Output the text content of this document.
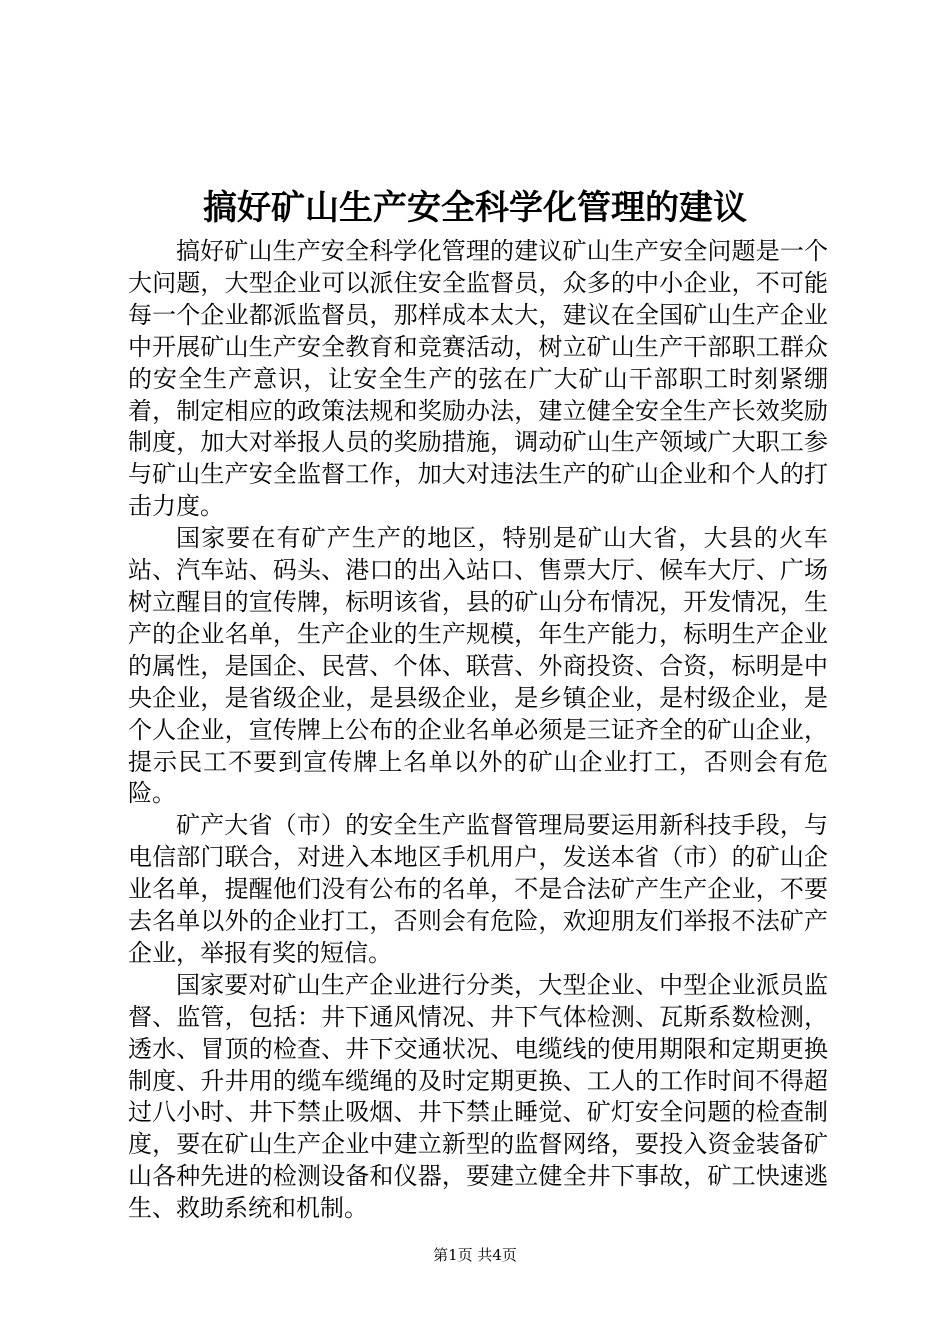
搞好矿山生产安全科学化管理的建议

搞好矿山生产安全科学化管理的建议矿山生产安全问题是一个大问题，大型企业可以派住安全监督员，众多的中小企业，不可能每一个企业都派监督员，那样成本太大，建议在全国矿山生产企业中开展矿山生产安全教育和竞赛活动，树立矿山生产干部职工群众的安全生产意识，让安全生产的弦在广大矿山干部职工时刻紧绷着，制定相应的政策法规和奖励办法，建立健全安全生产长效奖励制度，加大对举报人员的奖励措施，调动矿山生产领域广大职工参与矿山生产安全监督工作，加大对违法生产的矿山企业和个人的打击力度。

国家要在有矿产生产的地区，特别是矿山大省，大县的火车站、汽车站、码头、港口的出入站口、售票大厅、候车大厅、广场树立醒目的宣传牌，标明该省，县的矿山分布情况，开发情况，生产的企业名单，生产企业的生产规模，年生产能力，标明生产企业的属性，是国企、民营、个体、联营、外商投资、合资，标明是中央企业，是省级企业，是县级企业，是乡镇企业，是村级企业，是个人企业，宣传牌上公布的企业名单必须是三证齐全的矿山企业，提示民工不要到宣传牌上名单以外的矿山企业打工，否则会有危险。

矿产大省（市）的安全生产监督管理局要运用新科技手段，与电信部门联合，对进入本地区手机用户，发送本省（市）的矿山企业名单，提醒他们没有公布的名单，不是合法矿产生产企业，不要去名单以外的企业打工，否则会有危险，欢迎朋友们举报不法矿产企业，举报有奖的短信。

国家要对矿山生产企业进行分类，大型企业、中型企业派员监督、监管，包括：井下通风情况、井下气体检测、瓦斯系数检测，透水、冒顶的检查、井下交通状况、电缆线的使用期限和定期更换制度、升井用的缆车缆绳的及时定期更换、工人的工作时间不得超过八小时、井下禁止吸烟、井下禁止睡觉、矿灯安全问题的检查制度，要在矿山生产企业中建立新型的监督网络，要投入资金装备矿山各种先进的检测设备和仪器，要建立健全井下事故，矿工快速逃生、救助系统和机制。

第1页 共4页
